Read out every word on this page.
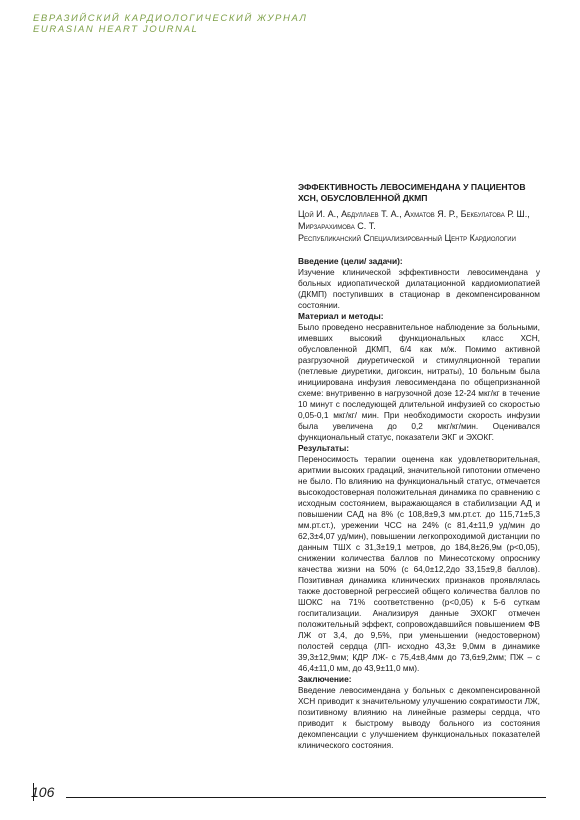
ЕВРАЗИЙСКИЙ КАРДИОЛОГИЧЕСКИЙ ЖУРНАЛ
EURASIAN HEART JOURNAL

ЭФФЕКТИВНОСТЬ ЛЕВОСИМЕНДАНА У ПАЦИЕНТОВ ХСН, ОБУСЛОВЛЕННОЙ ДКМП

Цой И. А., Абдуллаев Т. А., Ахматов Я. Р., Бекбулатова Р. Ш., Мирзарахимова С. Т.

Республиканский Специализированный Центр Кардиологии

Введение (цели/ задачи):

Изучение клинической эффективности левосимендана у больных идиопатической дилатационной кардиомиопатией (ДКМП) поступивших в стационар в декомпенсированном состоянии.

Материал и методы:

Было проведено несравнительное наблюдение за больными, имевших высокий функциональных класс ХСН, обусловленной ДКМП, 6/4 как м/ж. Помимо активной разгрузочной диуретической и стимуляционной терапии (петлевые диуретики, дигоксин, нитраты), 10 больным была инициирована инфузия левосимендана по общепризнанной схеме: внутривенно в нагрузочной дозе 12-24 мкг/кг в течение 10 минут с последующей длительной инфузией со скоростью 0,05-0,1 мкг/кг/ мин. При необходимости скорость инфузии была увеличена до 0,2 мкг/кг/мин. Оценивался функциональный статус, показатели ЭКГ и ЭХОКГ.

Результаты:

Переносимость терапии оценена как удовлетворительная, аритмии высоких градаций, значительной гипотонии отмечено не было. По влиянию на функциональный статус, отмечается высокодостоверная положительная динамика по сравнению с исходным состоянием, выражающаяся в стабилизации АД и повышении САД на 8% (с 108,8±9,3 мм.рт.ст. до 115,71±5,3 мм.рт.ст.), урежении ЧСС на 24% (с 81,4±11,9 уд/мин до 62,3±4,07 уд/мин), повышении легкопроходимой дистанции по данным ТШХ с 31,3±19,1 метров, до 184,8±26,9м (р<0,05), снижении количества баллов по Минесотскому опроснику качества жизни на 50% (с 64,0±12,2до 33,15±9,8 баллов). Позитивная динамика клинических признаков проявлялась также достоверной регрессией общего количества баллов по ШОКС на 71% соответственно (р<0,05) к 5-6 суткам госпитализации. Анализируя данные ЭХОКГ отмечен положительный эффект, сопровождавшийся повышением ФВ ЛЖ от 3,4, до 9,5%, при уменьшении (недостоверном) полостей сердца (ЛП- исходно 43,3± 9,0мм в динамике 39,3±12,9мм; КДР ЛЖ- с 75,4±8,4мм до 73,6±9,2мм; ПЖ – с 46,4±11,0 мм, до 43,9±11,0 мм).

Заключение:

Введение левосимендана у больных с декомпенсированной ХСН приводит к значительному улучшению сократимости ЛЖ, позитивному влиянию на линейные размеры сердца, что приводит к быстрому выводу больного из состояния декомпенсации с улучшением функциональных показателей клинического состояния.

106
